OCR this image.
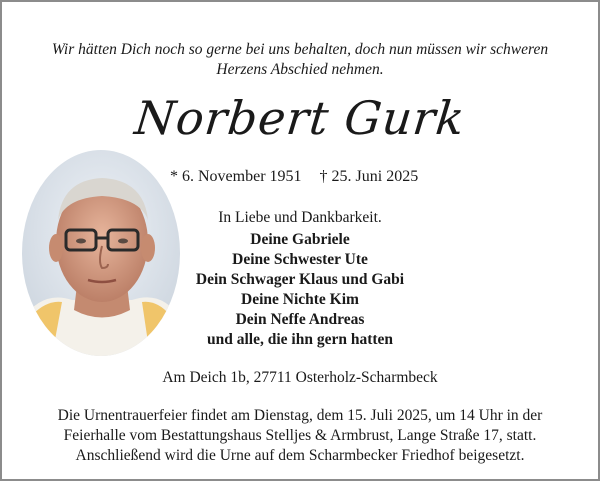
Wir hätten Dich noch so gerne bei uns behalten, doch nun müssen wir schweren
Herzens Abschied nehmen.
Norbert Gurk
* 6. November 1951 † 25. Juni 2025
In Liebe und Dankbarkeit.
Deine Gabriele
Deine Schwester Ute
Dein Schwager Klaus und Gabi
Deine Nichte Kim
Dein Neffe Andreas
und alle, die ihn gern hatten
Am Deich 1b, 27711 Osterholz-Scharmbeck
Die Urnentrauerfeier findet am Dienstag, dem 15. Juli 2025, um 14 Uhr in der
Feierhalle vom Bestattungshaus Stelljes & Armbrust, Lange Straße 17, statt.
Anschließend wird die Urne auf dem Scharmbecker Friedhof beigesetzt.
